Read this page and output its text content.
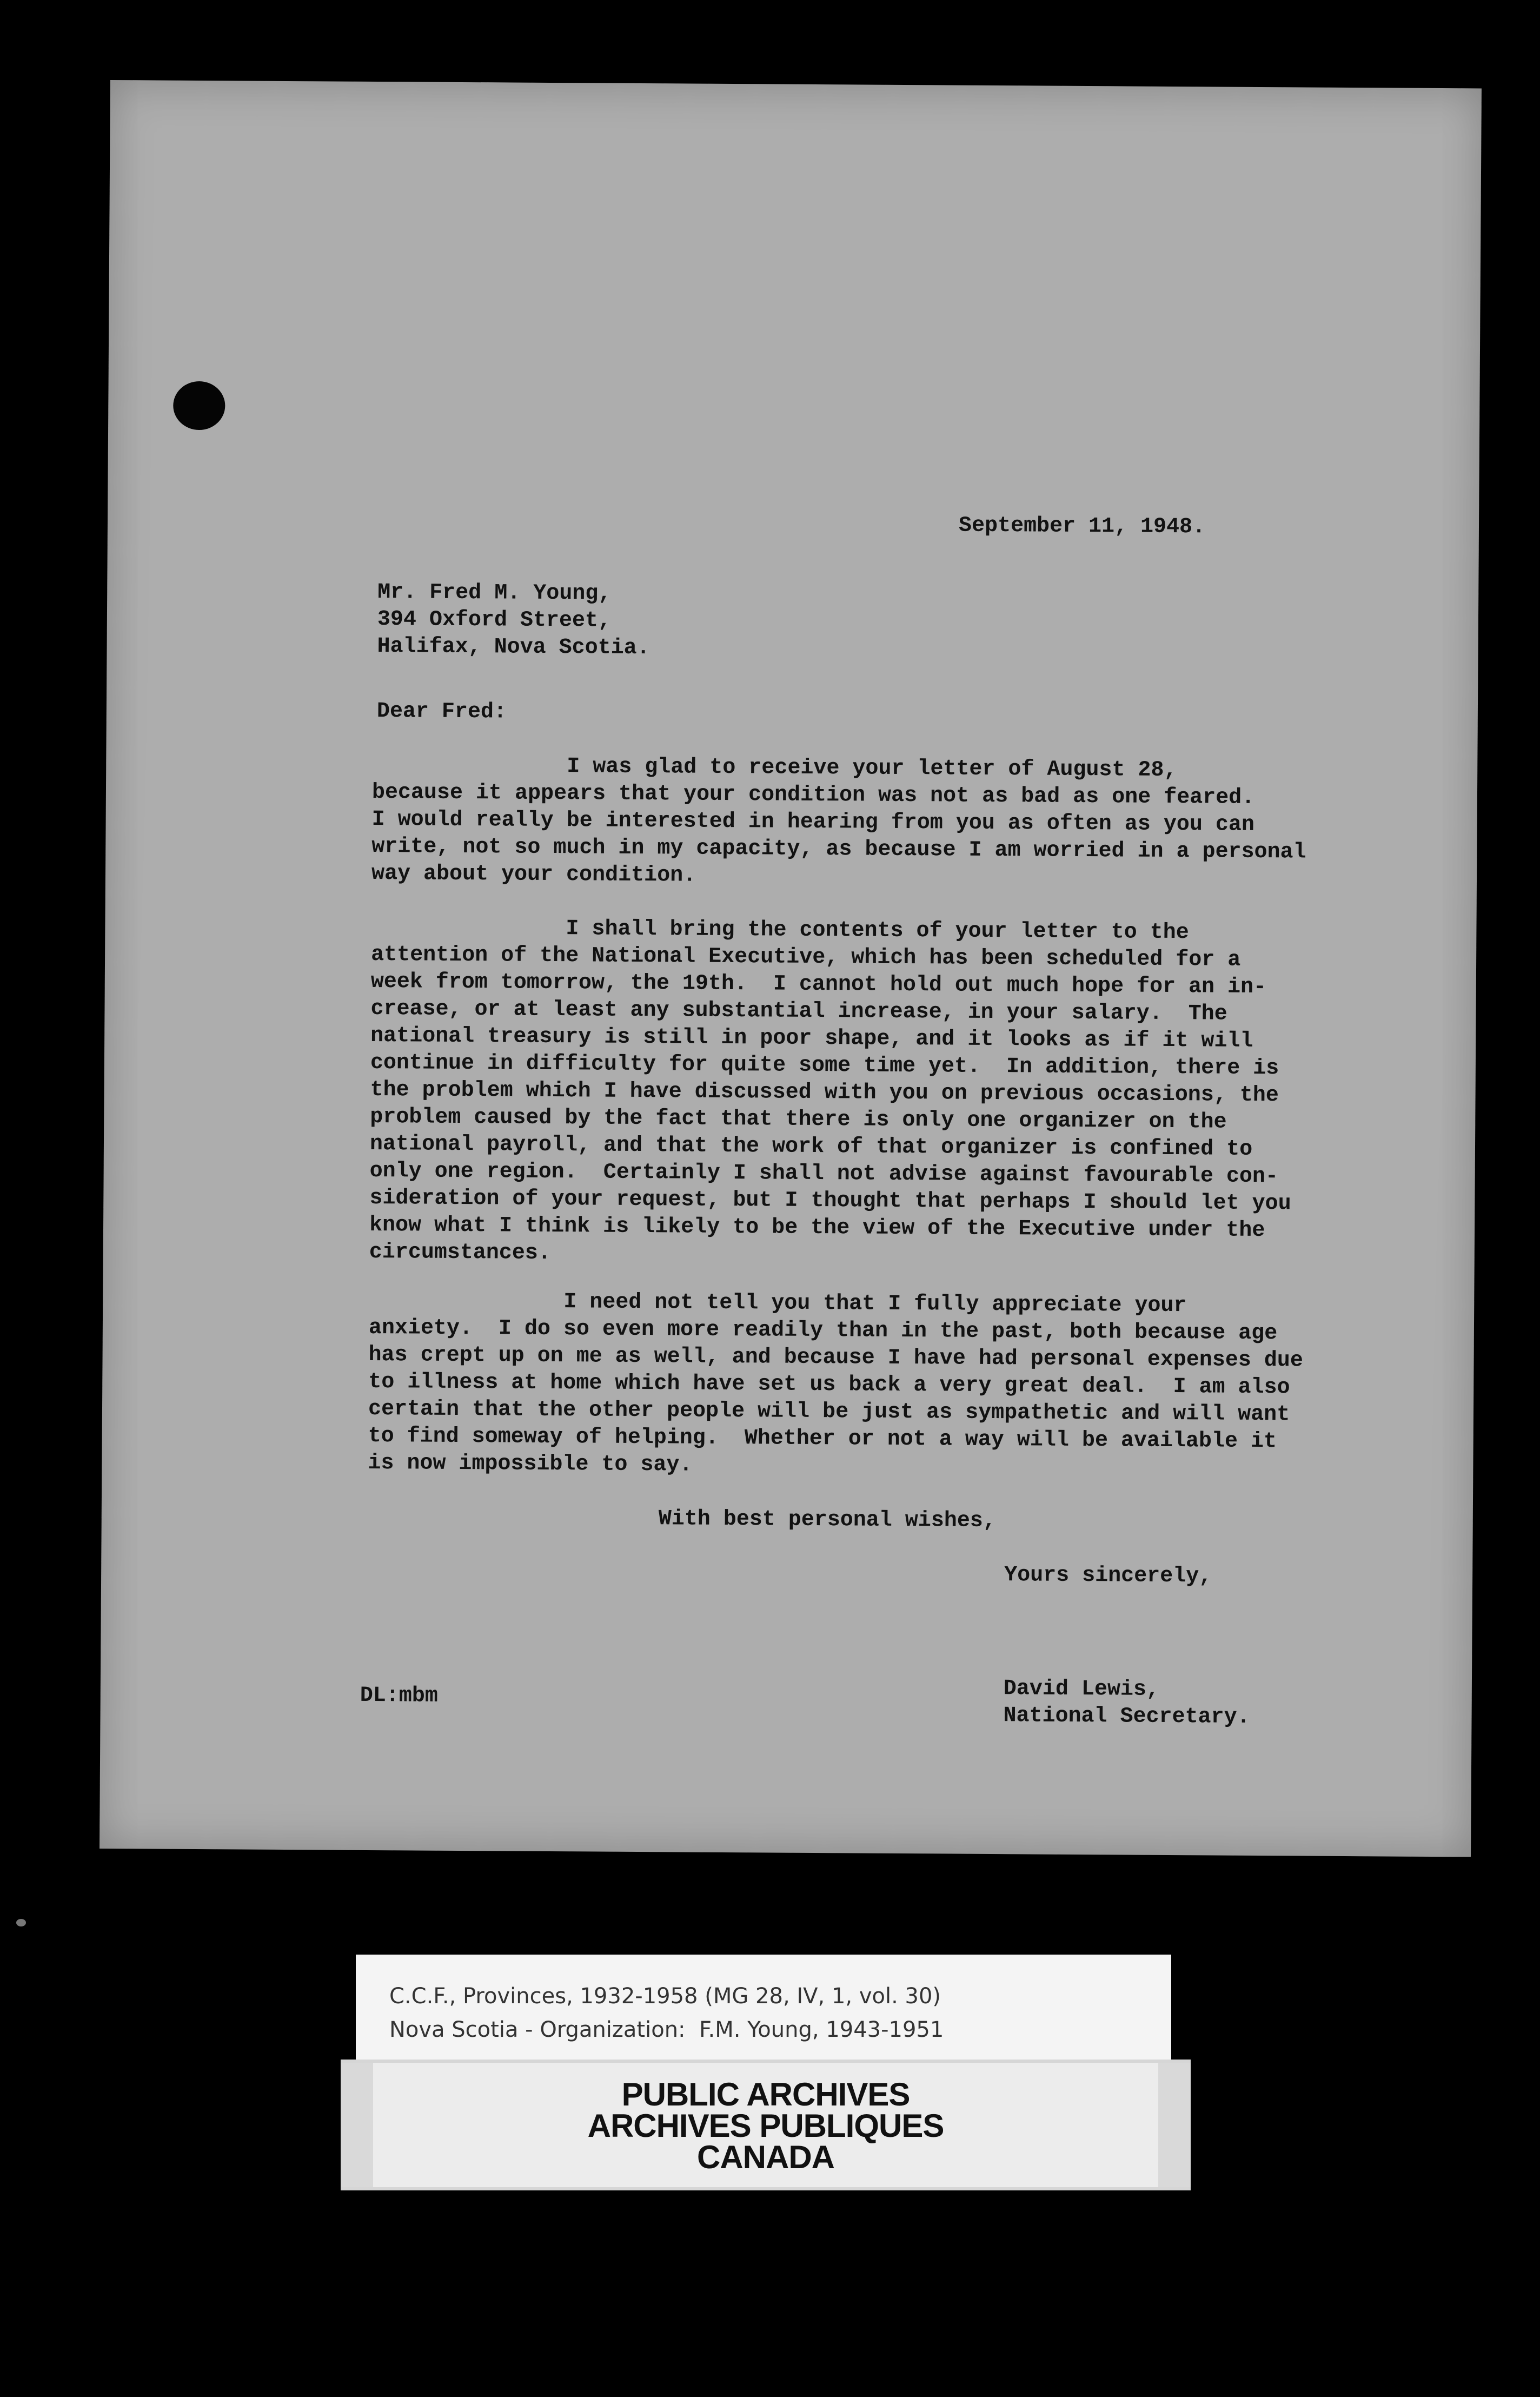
September 11, 1948.

Mr. Fred M. Young,
394 Oxford Street,
Halifax, Nova Scotia.

Dear Fred:

I was glad to receive your letter of August 28,
because it appears that your condition was not as bad as one feared.
I would really be interested in hearing from you as often as you can
write, not so much in my capacity, as because I am worried in a personal
way about your condition.

I shall bring the contents of your letter to the
attention of the National Executive, which has been scheduled for a
week from tomorrow, the 19th.  I cannot hold out much hope for an in-
crease, or at least any substantial increase, in your salary.  The
national treasury is still in poor shape, and it looks as if it will
continue in difficulty for quite some time yet.  In addition, there is
the problem which I have discussed with you on previous occasions, the
problem caused by the fact that there is only one organizer on the
national payroll, and that the work of that organizer is confined to
only one region.  Certainly I shall not advise against favourable con-
sideration of your request, but I thought that perhaps I should let you
know what I think is likely to be the view of the Executive under the
circumstances.

I need not tell you that I fully appreciate your
anxiety.  I do so even more readily than in the past, both because age
has crept up on me as well, and because I have had personal expenses due
to illness at home which have set us back a very great deal.  I am also
certain that the other people will be just as sympathetic and will want
to find someway of helping.  Whether or not a way will be available it
is now impossible to say.

With best personal wishes,

Yours sincerely,

David Lewis,

National Secretary.

DL:mbm

C.C.F., Provinces, 1932-1958 (MG 28, IV, 1, vol. 30)

Nova Scotia - Organization:  F.M. Young, 1943-1951

PUBLIC ARCHIVES

ARCHIVES PUBLIQUES

CANADA
